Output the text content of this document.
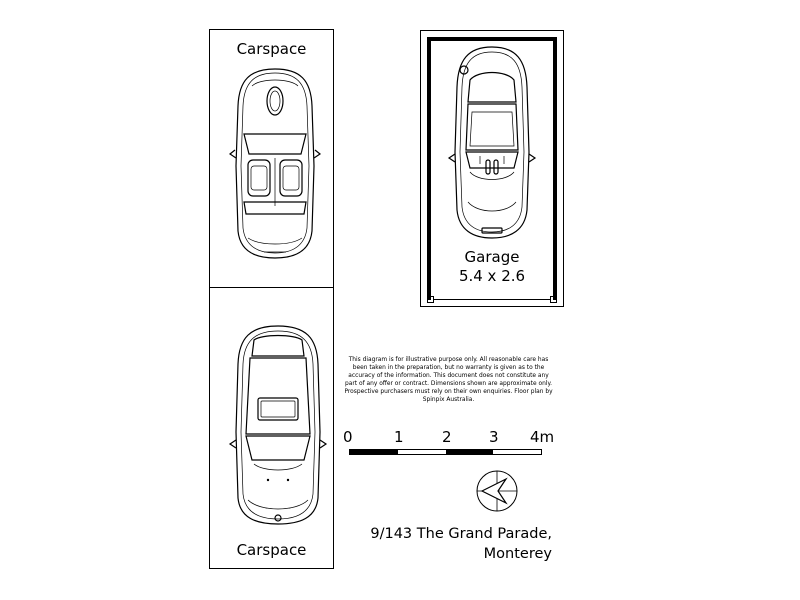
Carspace
Carspace
Garage
5.4 x 2.6
This diagram is for illustrative purpose only. All reasonable care has been taken in the preparation, but no warranty is given as to the accuracy of the information. This document does not constitute any part of any offer or contract. Dimensions shown are approximate only. Prospective purchasers must rely on their own enquiries. Floor plan by Spinpix Australia.
0	1	2 3 4m
9/143 The Grand Parade,
Monterey
